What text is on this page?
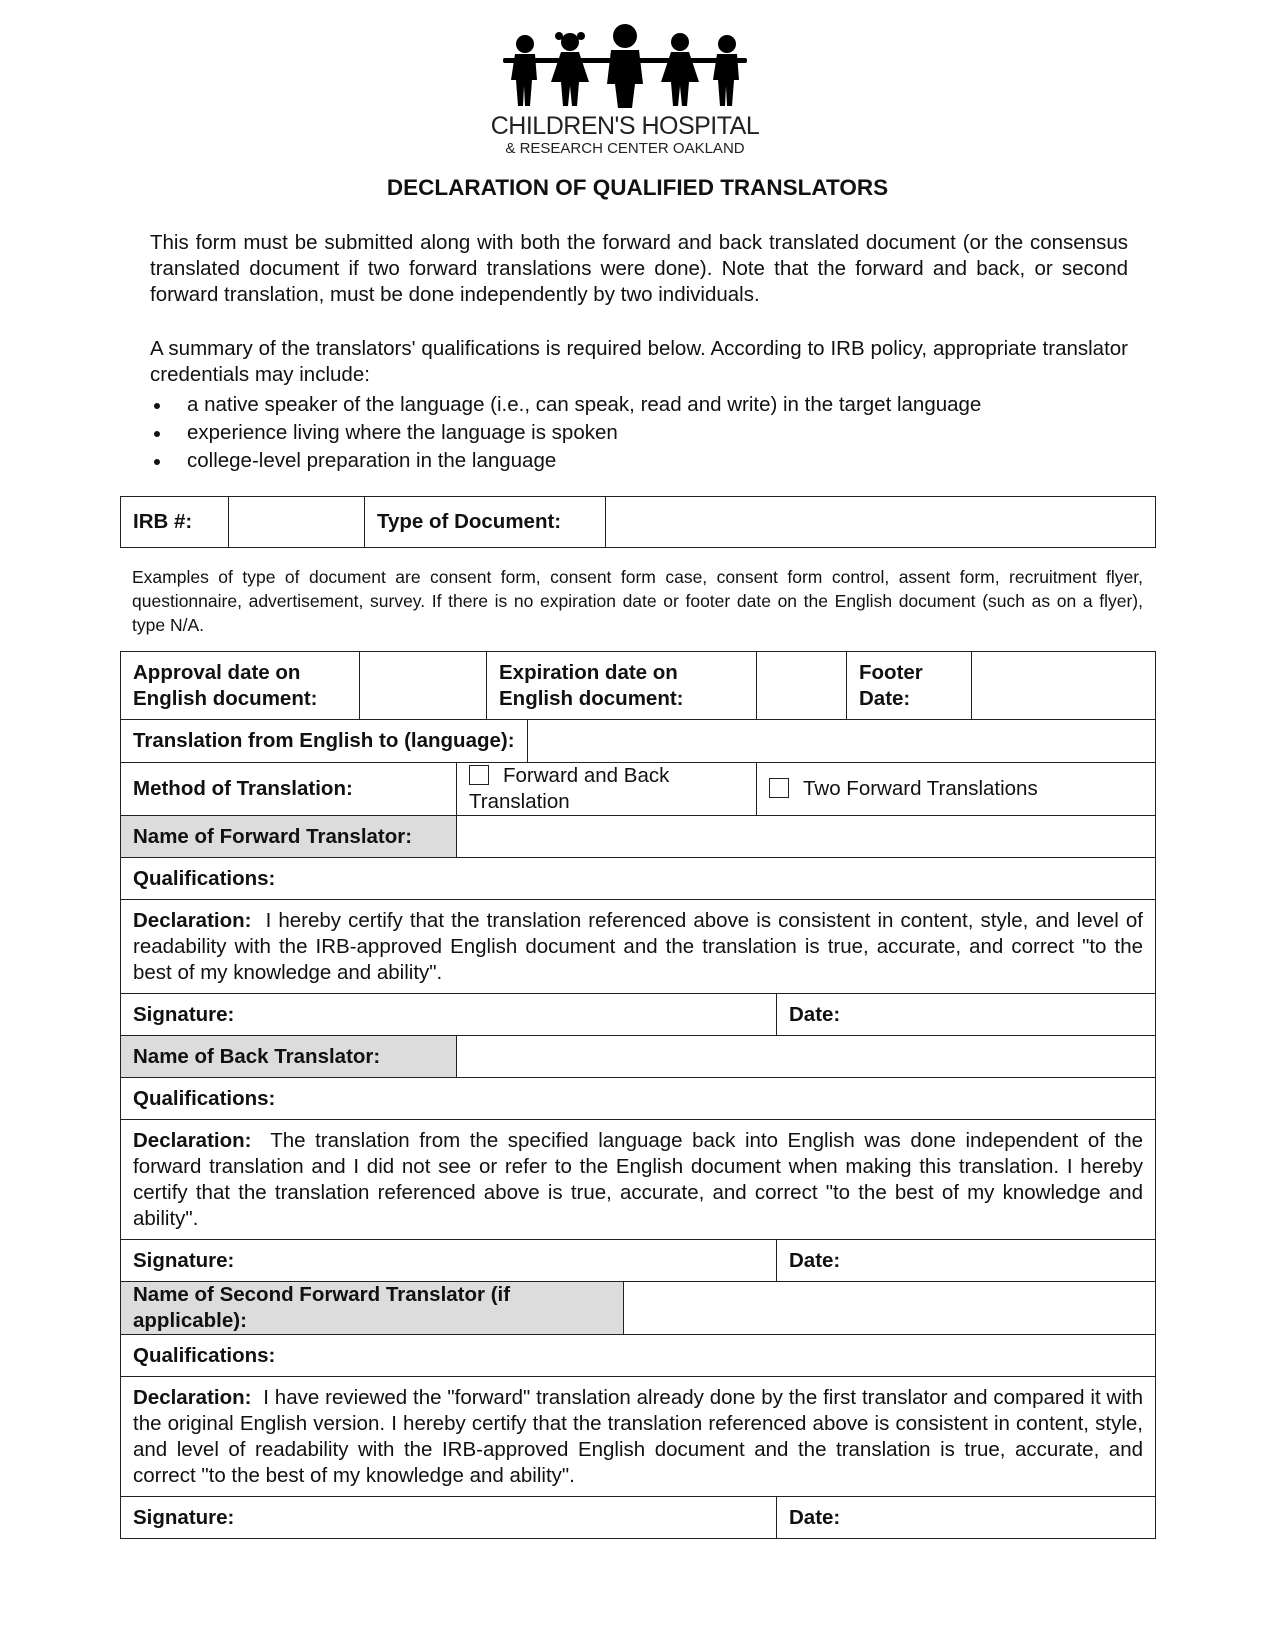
CHILDREN'S HOSPITAL
& RESEARCH CENTER OAKLAND
DECLARATION OF QUALIFIED TRANSLATORS

This form must be submitted along with both the forward and back translated document (or the consensus translated document if two forward translations were done). Note that the forward and back, or second forward translation, must be done independently by two individuals.

A summary of the translators' qualifications is required below. According to IRB policy, appropriate translator credentials may include:

a native speaker of the language (i.e., can speak, read and write) in the target language
experience living where the language is spoken
college-level preparation in the language
IRB #:		Type of Document:	

Examples of type of document are consent form, consent form case, consent form control, assent form, recruitment flyer, questionnaire, advertisement, survey. If there is no expiration date or footer date on the English document (such as on a flyer), type N/A.

Approval date on English document:			Expiration date on English document:					Footer Date:	
Translation from English to (language):									
Method of Translation:		Forward and Back Translation				Two Forward Translations			
Name of Forward Translator:									
Qualifications:									
Declaration: I hereby certify that the translation referenced above is consistent in content, style, and level of readability with the IRB-approved English document and the translation is true, accurate, and correct "to the best of my knowledge and ability".									
Signature:							Date:		
Name of Back Translator:									
Qualifications:									
Declaration: The translation from the specified language back into English was done independent of the forward translation and I did not see or refer to the English document when making this translation. I hereby certify that the translation referenced above is true, accurate, and correct "to the best of my knowledge and ability".									
Signature:							Date:		
Name of Second Forward Translator (if applicable):									
Qualifications:									
Declaration: I have reviewed the "forward" translation already done by the first translator and compared it with the original English version. I hereby certify that the translation referenced above is consistent in content, style, and level of readability with the IRB-approved English document and the translation is true, accurate, and correct "to the best of my knowledge and ability".									
Signature:							Date:		
